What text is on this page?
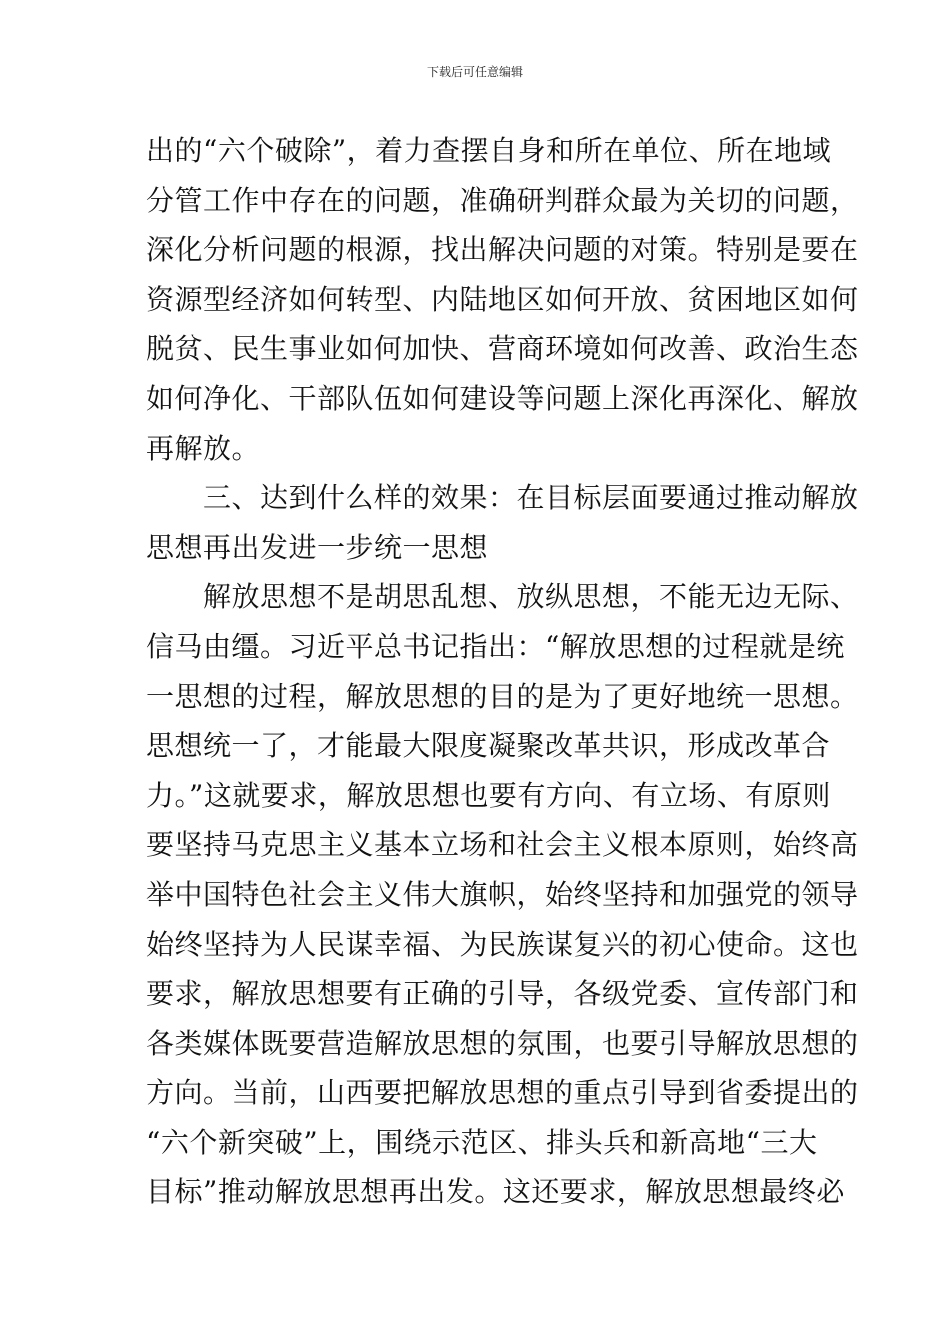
下载后可任意编辑
出的“六个破除”，着力查摆自身和所在单位、所在地域
分管工作中存在的问题，准确研判群众最为关切的问题，
深化分析问题的根源，找出解决问题的对策。特别是要在
资源型经济如何转型、内陆地区如何开放、贫困地区如何
脱贫、民生事业如何加快、营商环境如何改善、政治生态
如何净化、干部队伍如何建设等问题上深化再深化、解放
再解放。
　　三、达到什么样的效果：在目标层面要通过推动解放
思想再出发进一步统一思想
　　解放思想不是胡思乱想、放纵思想，不能无边无际、
信马由缰。习近平总书记指出：“解放思想的过程就是统
一思想的过程，解放思想的目的是为了更好地统一思想。
思想统一了，才能最大限度凝聚改革共识，形成改革合
力。”这就要求，解放思想也要有方向、有立场、有原则
要坚持马克思主义基本立场和社会主义根本原则，始终高
举中国特色社会主义伟大旗帜，始终坚持和加强党的领导
始终坚持为人民谋幸福、为民族谋复兴的初心使命。这也
要求，解放思想要有正确的引导，各级党委、宣传部门和
各类媒体既要营造解放思想的氛围，也要引导解放思想的
方向。当前，山西要把解放思想的重点引导到省委提出的
“六个新突破”上，围绕示范区、排头兵和新高地“三大
目标”推动解放思想再出发。这还要求，解放思想最终必
